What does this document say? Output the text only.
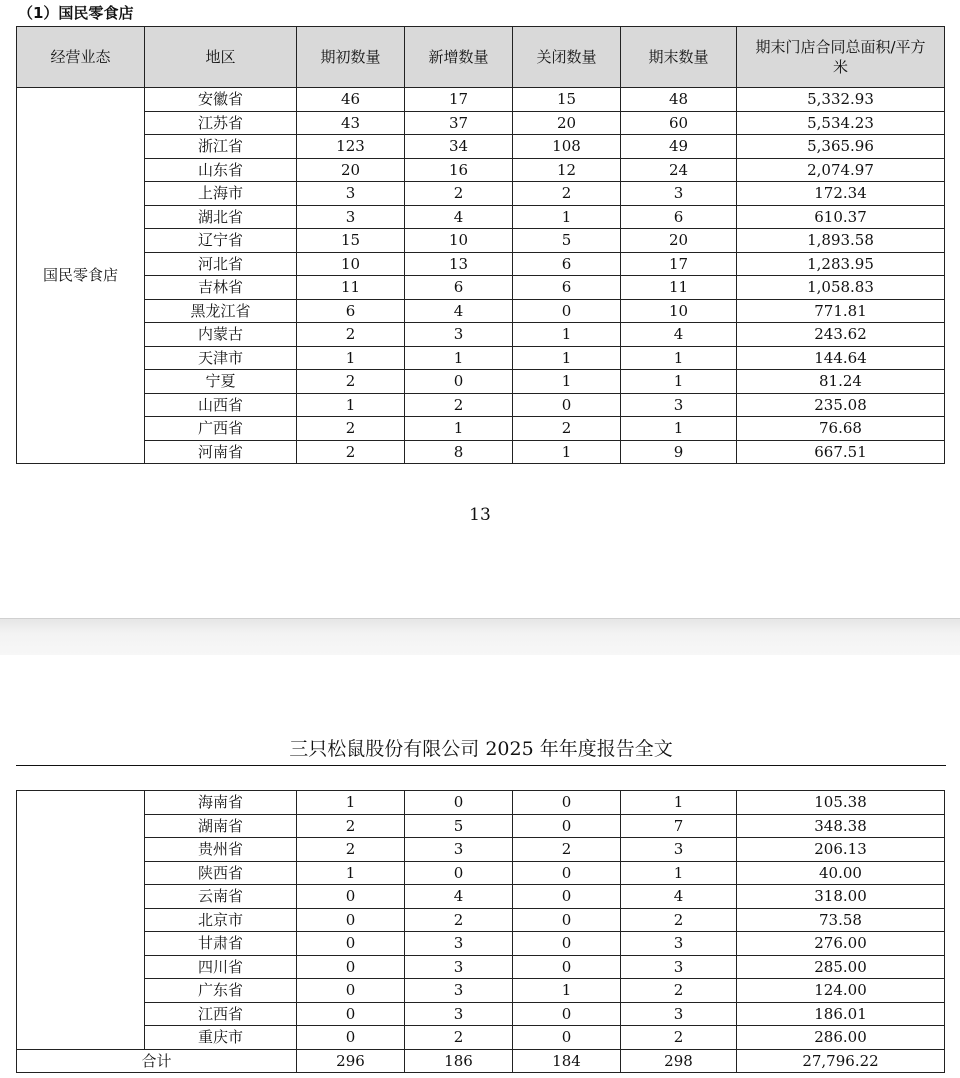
（1）国民零食店
经营业态	地区	期初数量	新增数量	关闭数量	期末数量	期末门店合同总面积/平方米
国民零食店	安徽省	46	17	15	48	5,332.93
	江苏省	43	37	20	60	5,534.23
	浙江省	123	34	108	49	5,365.96
	山东省	20	16	12	24	2,074.97
	上海市	3	2	2	3	172.34
	湖北省	3	4	1	6	610.37
	辽宁省	15	10	5	20	1,893.58
	河北省	10	13	6	17	1,283.95
	吉林省	11	6	6	11	1,058.83
	黑龙江省	6	4	0	10	771.81
	内蒙古	2	3	1	4	243.62
	天津市	1	1	1	1	144.64
	宁夏	2	0	1	1	81.24
	山西省	1	2	0	3	235.08
	广西省	2	1	2	1	76.68
	河南省	2	8	1	9	667.51
13
三只松鼠股份有限公司 2025 年年度报告全文
	海南省	1	0	0	1	105.38
	湖南省	2	5	0	7	348.38
	贵州省	2	3	2	3	206.13
	陕西省	1	0	0	1	40.00
	云南省	0	4	0	4	318.00
	北京市	0	2	0	2	73.58
	甘肃省	0	3	0	3	276.00
	四川省	0	3	0	3	285.00
	广东省	0	3	1	2	124.00
	江西省	0	3	0	3	186.01
	重庆市	0	2	0	2	286.00
合计		296	186	184	298	27,796.22
